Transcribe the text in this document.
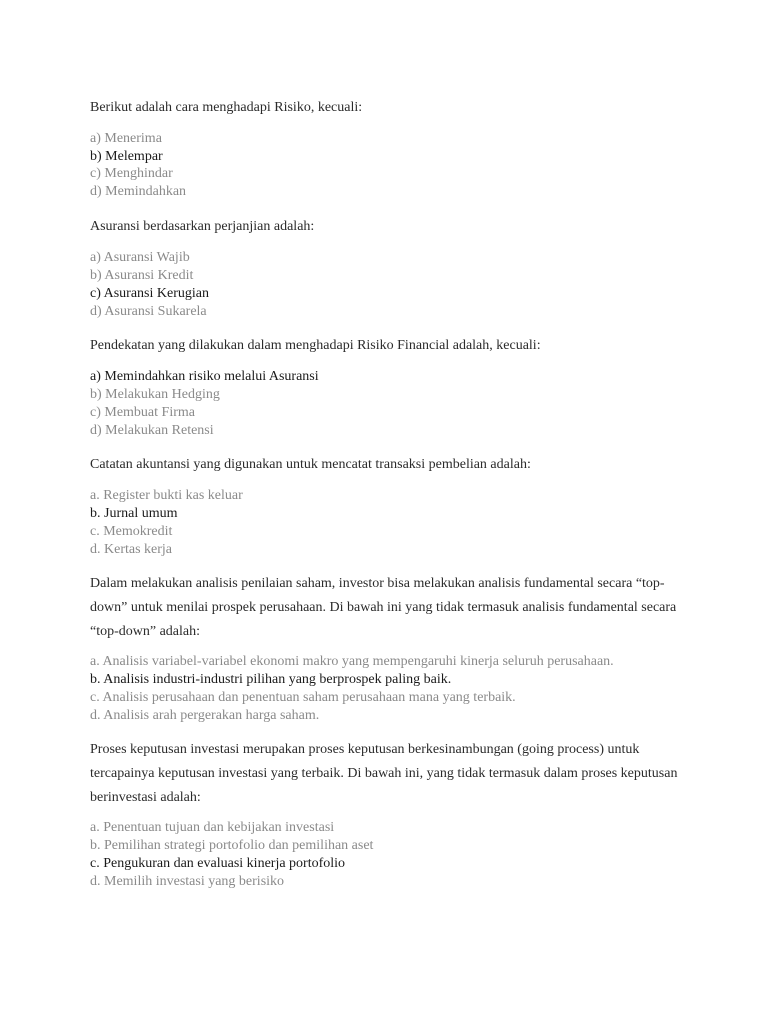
Berikut adalah cara menghadapi Risiko, kecuali:
a) Menerima
b) Melempar
c) Menghindar
d) Memindahkan
Asuransi berdasarkan perjanjian adalah:
a) Asuransi Wajib
b) Asuransi Kredit
c) Asuransi Kerugian
d) Asuransi Sukarela
Pendekatan yang dilakukan dalam menghadapi Risiko Financial adalah, kecuali:
a) Memindahkan risiko melalui Asuransi
b) Melakukan Hedging
c) Membuat Firma
d) Melakukan Retensi
Catatan akuntansi yang digunakan untuk mencatat transaksi pembelian adalah:
a. Register bukti kas keluar
b. Jurnal umum
c. Memokredit
d. Kertas kerja
Dalam melakukan analisis penilaian saham, investor bisa melakukan analisis fundamental secara “top-down” untuk menilai prospek perusahaan. Di bawah ini yang tidak termasuk analisis fundamental secara “top-down” adalah:
a. Analisis variabel-variabel ekonomi makro yang mempengaruhi kinerja seluruh perusahaan.
b. Analisis industri-industri pilihan yang berprospek paling baik.
c. Analisis perusahaan dan penentuan saham perusahaan mana yang terbaik.
d. Analisis arah pergerakan harga saham.
Proses keputusan investasi merupakan proses keputusan berkesinambungan (going process) untuk tercapainya keputusan investasi yang terbaik. Di bawah ini, yang tidak termasuk dalam proses keputusan berinvestasi adalah:
a. Penentuan tujuan dan kebijakan investasi
b. Pemilihan strategi portofolio dan pemilihan aset
c. Pengukuran dan evaluasi kinerja portofolio
d. Memilih investasi yang berisiko
